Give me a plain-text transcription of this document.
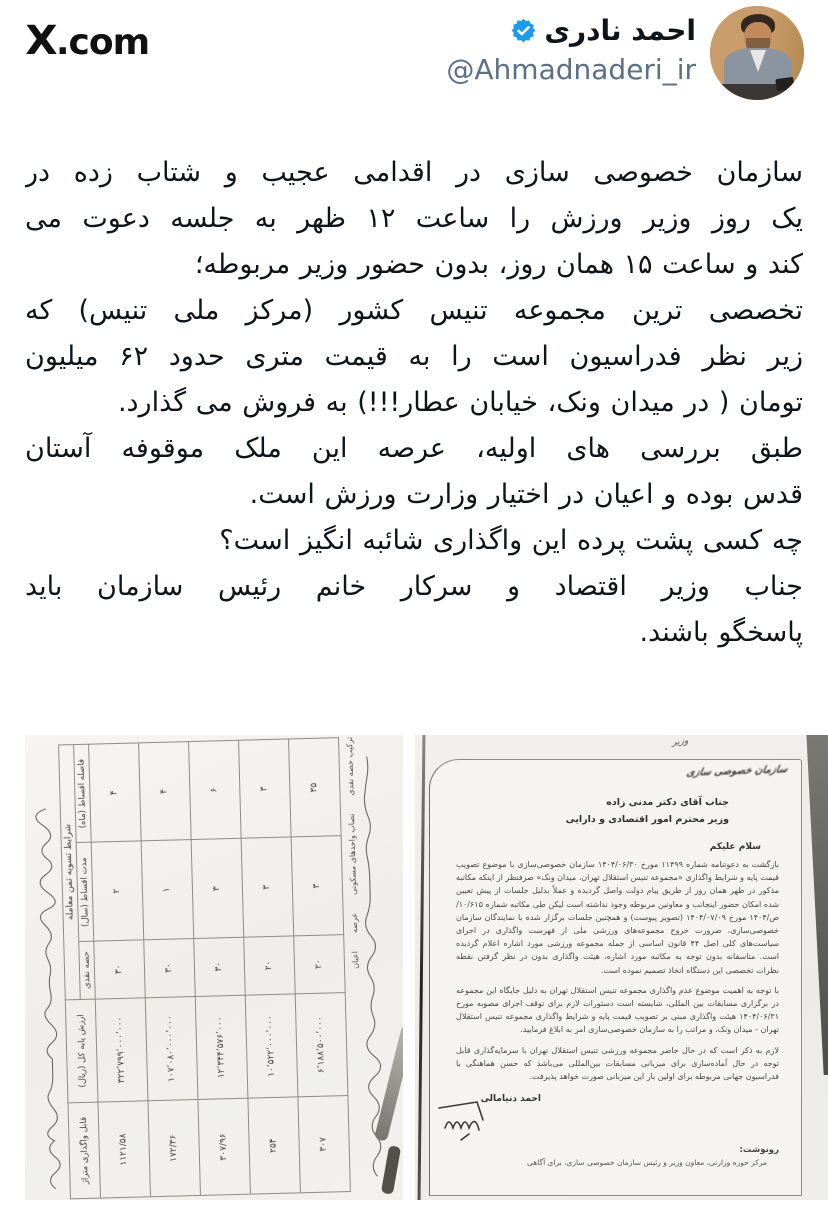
X.com	احمد نادری
@Ahmadnaderi_ir
سازمان خصوصی سازی در اقدامی عجیب و شتاب زده در
یک روز وزیر ورزش را ساعت ۱۲ ظهر به جلسه دعوت می
کند و ساعت ۱۵ همان روز، بدون حضور وزیر مربوطه؛
تخصصی ترین مجموعه تنیس کشور (مرکز ملی تنیس) که
زیر نظر فدراسیون است را به قیمت متری حدود ۶۲ میلیون
تومان ( در میدان ونک، خیابان عطار!!!) به فروش می گذارد.
طبق بررسی های اولیه، عرصه این ملک موقوفه آستان
قدس بوده و اعیان در اختیار وزارت ورزش است.
چه کسی پشت پرده این واگذاری شائبه انگیز است؟
جناب وزیر اقتصاد و سرکار خانم رئیس سازمان باید
پاسخگو باشند.
شرایط تسویه ثمن معامله			ارزش پایه کل (ریال)	قابل واگذاری متراژ
فاصله اقساط (ماه)	مدت اقساط (سال)	حصه نقدی		
۴	۲	۳۰	۳۲۲٬۷۹۹٬۰۰۰٬۰۰۰	۱۱۲۱/۵۸
۴	۱	۳۰	۱۰۷٬۰۸۰٬۰۰۰٬۰۰۰	۱۷۲/۳۶
۶	۳	۳۰	۱۲٬۳۴۴٬۵۷۶٬۰۰۰	۳۰۷/۹۶
۳	۳	۲۰	۱۰٬۵۲۲٬۰۰۰٬۰۰۰	۲۵۴
۳۵	۳	۲۰	۶٬۱۸۸٬۵۰۰٬۰۰۰	۳۰۷
ترکیب حصه نقدی
نصاب واحدهای مسکونی
عرصه
اعیان
وزیر
سازمان خصوصی سازی
جناب آقای دکتر مدنی زاده
وزیر محترم امور اقتصادی و دارایی
سلام علیکم

بازگشت به دعوتنامه شماره ۱۱۴۹۹ مورخ ۱۴۰۴/۰۶/۳۰ سازمان خصوصی‌سازی با موضوع تصویب قیمت پایه و شرایط واگذاری «مجموعه تنیس استقلال تهران، میدان ونک» صرفنظر از اینکه مکاتبه مذکور در ظهر همان روز از طریق پیام دولت واصل گردیده و عملاً بدلیل جلسات از پیش تعیین شده امکان حضور اینجانب و معاونین مربوطه وجود نداشته است لیکن طی مکاتبه شماره ۱۰/۶۱۵/ص/۱۴۰۴ مورخ ۱۴۰۴/۰۷/۰۹ (تصویر پیوست) و همچنین جلسات برگزار شده با نمایندگان سازمان خصوصی‌سازی، ضرورت خروج مجموعه‌های ورزشی ملی از فهرست واگذاری در اجرای سیاست‌های کلی اصل ۴۴ قانون اساسی از جمله مجموعه ورزشی مورد اشاره اعلام گردیده است. متاسفانه بدون توجه به مکاتبه مورد اشاره، هیئت واگذاری بدون در نظر گرفتن نقطه نظرات تخصصی این دستگاه اتخاذ تصمیم نموده است.

با توجه به اهمیت موضوع عدم واگذاری مجموعه تنیس استقلال تهران به دلیل جایگاه این مجموعه در برگزاری مسابقات بین المللی، شایسته است دستورات لازم برای توقف اجرای مصوبه مورخ ۱۴۰۴/۰۶/۳۱ هیئت واگذاری مبنی بر تصویب قیمت پایه و شرایط واگذاری مجموعه تنیس استقلال تهران - میدان ونک، و مراتب را به سازمان خصوصی‌سازی امر به ابلاغ فرمایید.

لازم به ذکر است که در حال حاضر مجموعه ورزشی تنیس استقلال تهران با سرمایه‌گذاری قابل توجه در حال آماده‌سازی برای میزبانی مسابقات بین‌المللی می‌باشد که حسن هماهنگی با فدراسیون جهانی مربوطه برای اولین بار این میزبانی صورت خواهد پذیرفت.

احمد دنیامالی
رونوشت:
مرکز حوزه وزارتی، معاون وزیر و رئیس سازمان خصوصی سازی، برای آگاهی
